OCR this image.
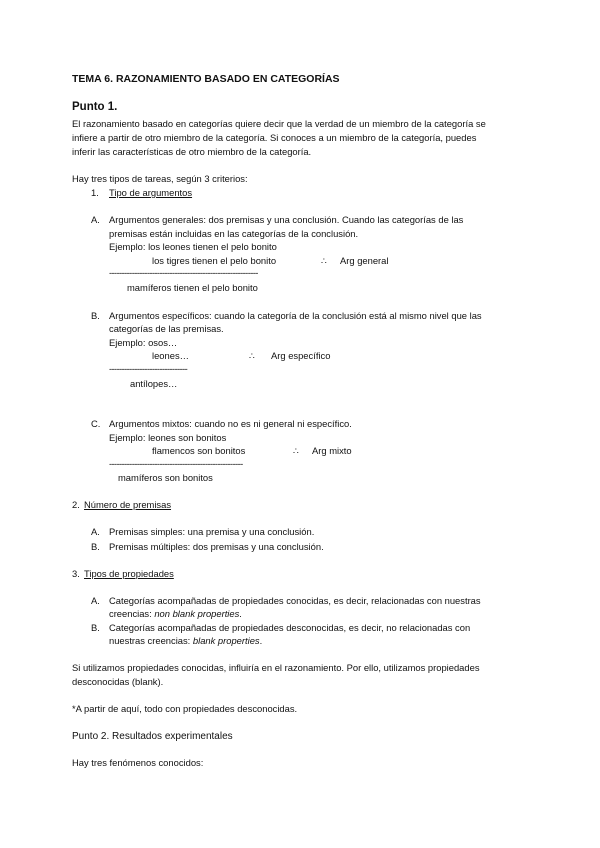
TEMA 6. RAZONAMIENTO BASADO EN CATEGORÍAS
Punto 1.
El razonamiento basado en categorías quiere decir que la verdad de un miembro de la categoría se
infiere a partir de otro miembro de la categoría. Si conoces a un miembro de la categoría, puedes
inferir las características de otro miembro de la categoría.
Hay tres tipos de tareas, según 3 criterios:
1. Tipo de argumentos
A. Argumentos generales: dos premisas y una conclusión. Cuando las categorías de las
premisas están incluidas en las categorías de la conclusión.
Ejemplo: los leones tienen el pelo bonito
los tigres tienen el pelo bonito	∴ Arg general
-----------------------------------------------------------
mamíferos tienen el pelo bonito
B. Argumentos específicos: cuando la categoría de la conclusión está al mismo nivel que las
categorías de las premisas.
Ejemplo: osos…
leones…	∴ Arg específico
-------------------------------
antílopes…
C. Argumentos mixtos: cuando no es ni general ni específico.
Ejemplo: leones son bonitos
flamencos son bonitos	∴ Arg mixto
-----------------------------------------------------
mamíferos son bonitos
2. Número de premisas
A. Premisas simples: una premisa y una conclusión.
B. Premisas múltiples: dos premisas y una conclusión.
3. Tipos de propiedades
A. Categorías acompañadas de propiedades conocidas, es decir, relacionadas con nuestras
creencias: non blank properties.
B. Categorías acompañadas de propiedades desconocidas, es decir, no relacionadas con
nuestras creencias: blank properties.
Si utilizamos propiedades conocidas, influiría en el razonamiento. Por ello, utilizamos propiedades
desconocidas (blank).
*A partir de aquí, todo con propiedades desconocidas.
Punto 2. Resultados experimentales
Hay tres fenómenos conocidos:
